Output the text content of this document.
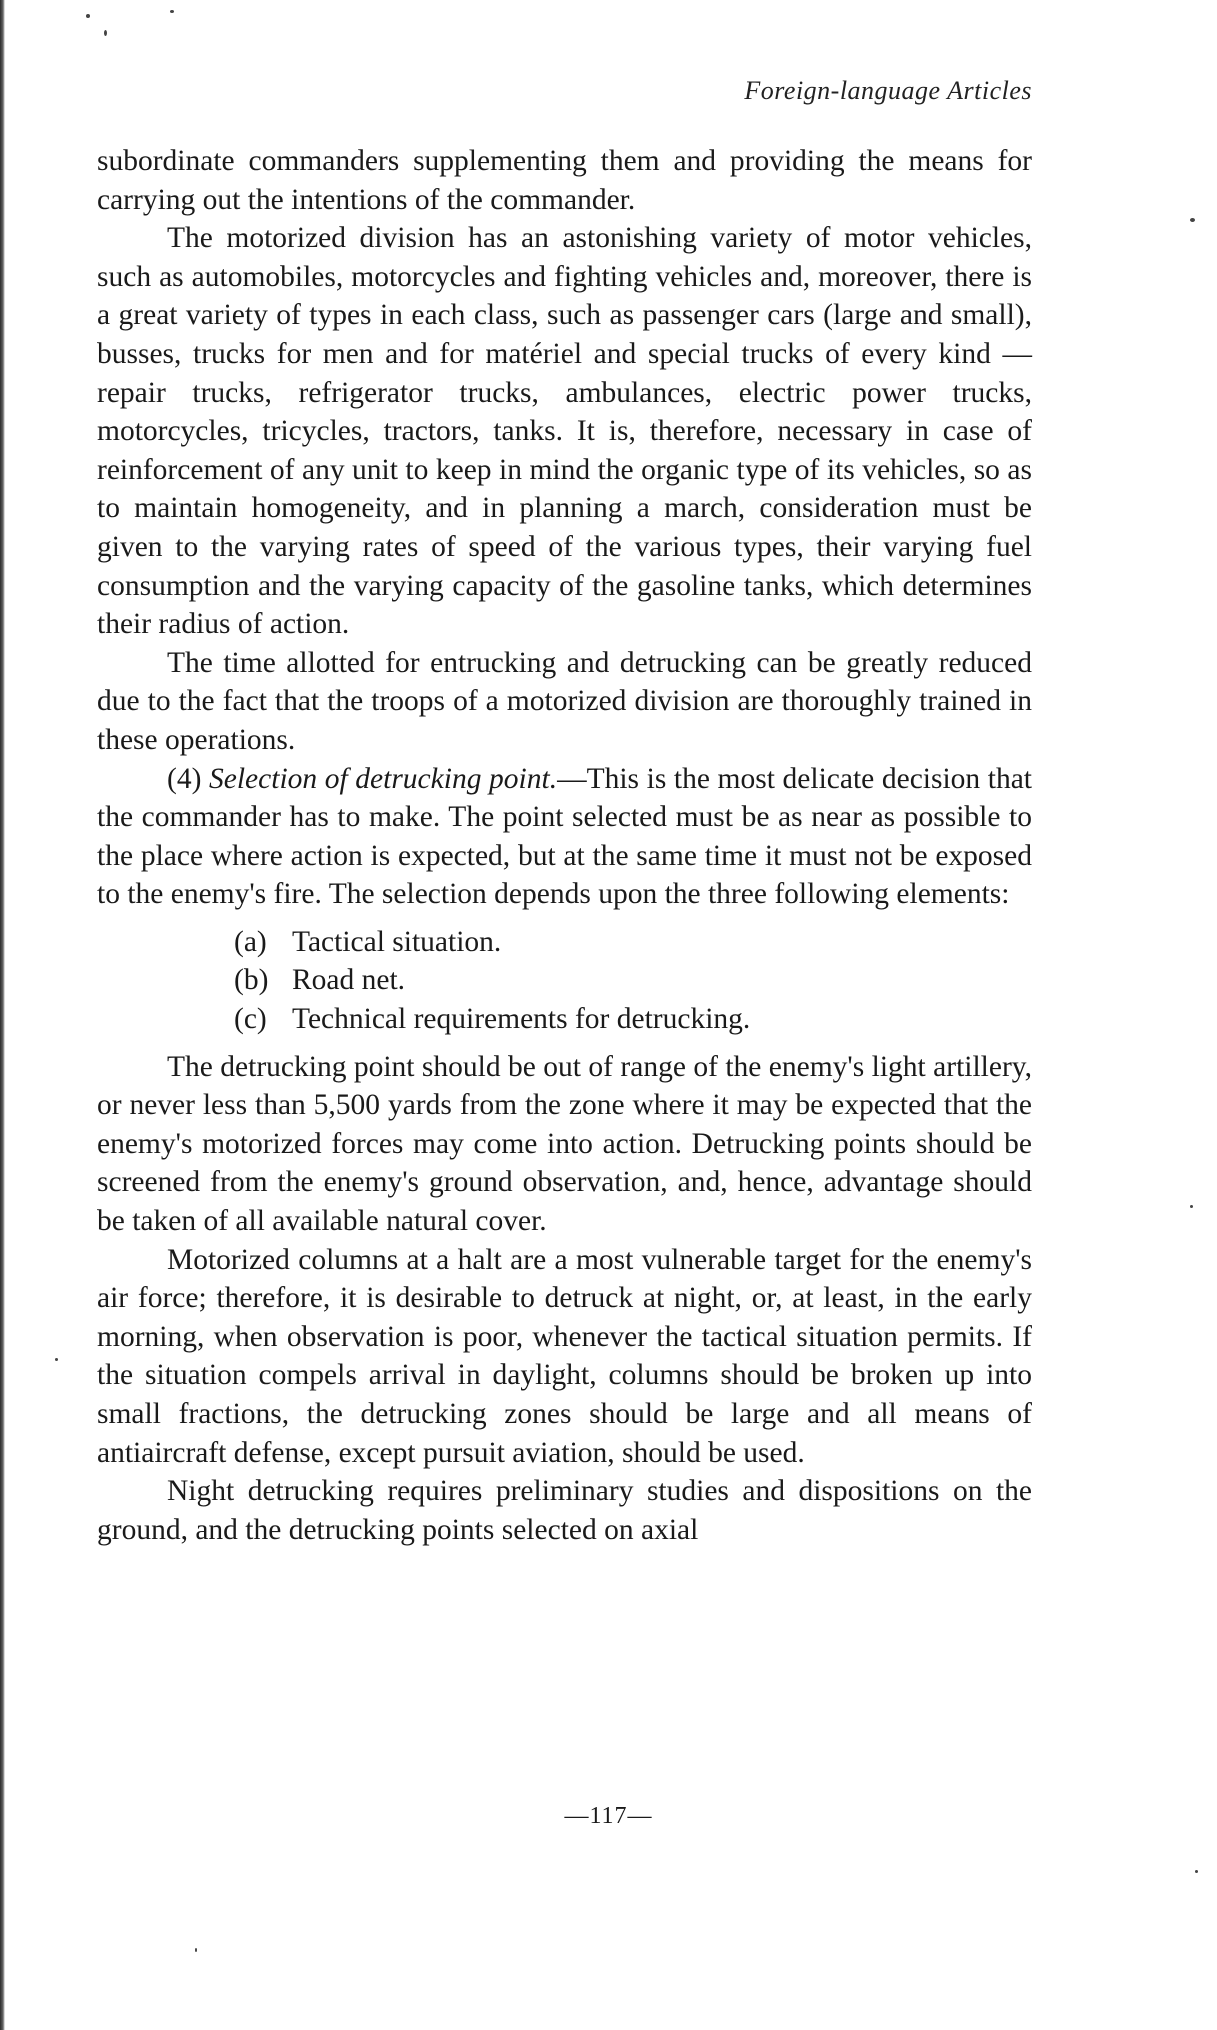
Foreign-language Articles

subordinate commanders supplementing them and providing the means for carrying out the intentions of the commander.

The motorized division has an astonishing variety of motor vehicles, such as automobiles, motorcycles and fighting vehicles and, moreover, there is a great variety of types in each class, such as passenger cars (large and small), busses, trucks for men and for matériel and special trucks of every kind — repair trucks, refrigerator trucks, ambulances, electric power trucks, motorcycles, tricycles, tractors, tanks. It is, therefore, necessary in case of reinforcement of any unit to keep in mind the organic type of its vehicles, so as to maintain homogeneity, and in planning a march, consideration must be given to the varying rates of speed of the various types, their varying fuel consumption and the varying capacity of the gasoline tanks, which determines their radius of action.

The time allotted for entrucking and detrucking can be greatly reduced due to the fact that the troops of a motorized division are thoroughly trained in these operations.

(4) Selection of detrucking point.—This is the most delicate decision that the commander has to make. The point selected must be as near as possible to the place where action is expected, but at the same time it must not be exposed to the enemy's fire. The selection depends upon the three following elements:

(a) Tactical situation.
(b) Road net.
(c) Technical requirements for detrucking.

The detrucking point should be out of range of the enemy's light artillery, or never less than 5,500 yards from the zone where it may be expected that the enemy's motorized forces may come into action. Detrucking points should be screened from the enemy's ground observation, and, hence, advantage should be taken of all available natural cover.

Motorized columns at a halt are a most vulnerable target for the enemy's air force; therefore, it is desirable to detruck at night, or, at least, in the early morning, when observation is poor, whenever the tactical situation permits. If the situation compels arrival in daylight, columns should be broken up into small fractions, the detrucking zones should be large and all means of antiaircraft defense, except pursuit aviation, should be used.

Night detrucking requires preliminary studies and dispositions on the ground, and the detrucking points selected on axial

—117—
